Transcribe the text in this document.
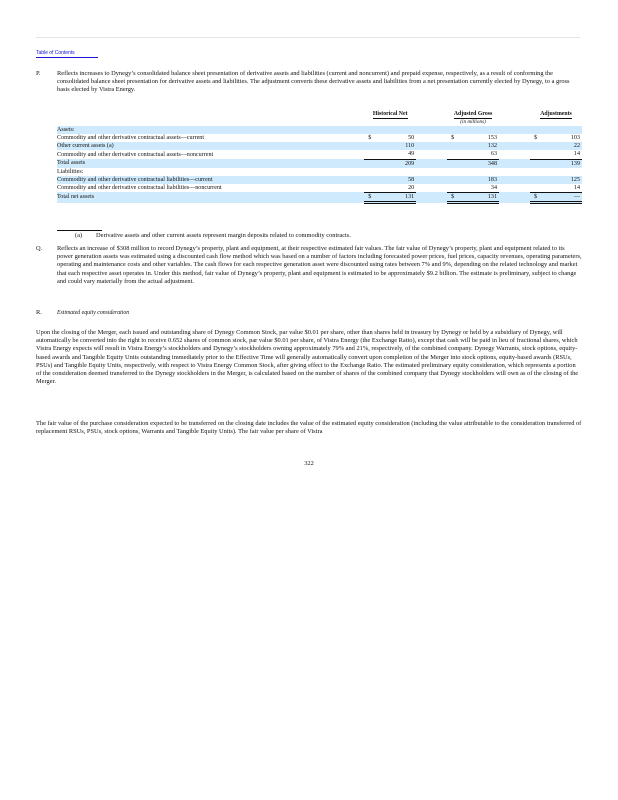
Table of Contents
P.	Reflects increases to Dynegy’s consolidated balance sheet presentation of derivative assets and liabilities (current and noncurrent) and prepaid expense, respectively, as a result of conforming the consolidated balance sheet presentation for derivative assets and liabilities. The adjustment converts these derivative assets and liabilities from a net presentation currently elected by Dynegy, to a gross basis elected by Vistra Energy.
		Historical Net			Adjusted Gross			Adjustments	
					(in millions)				
Assets:									
Commodity and other derivative contractual assets—current		$	50		$	153		$	103
Other current assets (a)			110			132			22
Commodity and other derivative contractual assets—noncurrent			49			63			14
Total assets			209			348			139
Liabilities:									
Commodity and other derivative contractual liabilities—current			58			183			125
Commodity and other derivative contractual liabilities—noncurrent			20			34			14
Total net assets		$	131		$	131		$	—
(a) Derivative assets and other current assets represent margin deposits related to commodity contracts.
Q. Reflects an increase of $308 million to record Dynegy’s property, plant and equipment, at their respective estimated fair values. The fair value of Dynegy’s property, plant and equipment related to its power generation assets was estimated using a discounted cash flow method which was based on a number of factors including forecasted power prices, fuel prices, capacity revenues, operating parameters, operating and maintenance costs and other variables. The cash flows for each respective generation asset were discounted using rates between 7% and 9%, depending on the related technology and market that each respective asset operates in. Under this method, fair value of Dynegy’s property, plant and equipment is estimated to be approximately $9.2 billion. The estimate is preliminary, subject to change and could vary materially from the actual adjustment.
R.	Estimated equity consideration
Upon the closing of the Merger, each issued and outstanding share of Dynegy Common Stock, par value $0.01 per share, other than shares held in treasury by Dynegy or held by a subsidiary of Dynegy, will automatically be converted into the right to receive 0.652 shares of common stock, par value $0.01 per share, of Vistra Energy (the Exchange Ratio), except that cash will be paid in lieu of fractional shares, which Vistra Energy expects will result in Vistra Energy’s stockholders and Dynegy’s stockholders owning approximately 79% and 21%, respectively, of the combined company. Dynegy Warrants, stock options, equity-based awards and Tangible Equity Units outstanding immediately prior to the Effective Time will generally automatically convert upon completion of the Merger into stock options, equity-based awards (RSUs, PSUs) and Tangible Equity Units, respectively, with respect to Vistra Energy Common Stock, after giving effect to the Exchange Ratio. The estimated preliminary equity consideration, which represents a portion of the consideration deemed transferred to the Dynegy stockholders in the Merger, is calculated based on the number of shares of the combined company that Dynegy stockholders will own as of the closing of the Merger.
The fair value of the purchase consideration expected to be transferred on the closing date includes the value of the estimated equity consideration (including the value attributable to the consideration transferred of replacement RSUs, PSUs, stock options, Warrants and Tangible Equity Units). The fair value per share of Vistra
322
